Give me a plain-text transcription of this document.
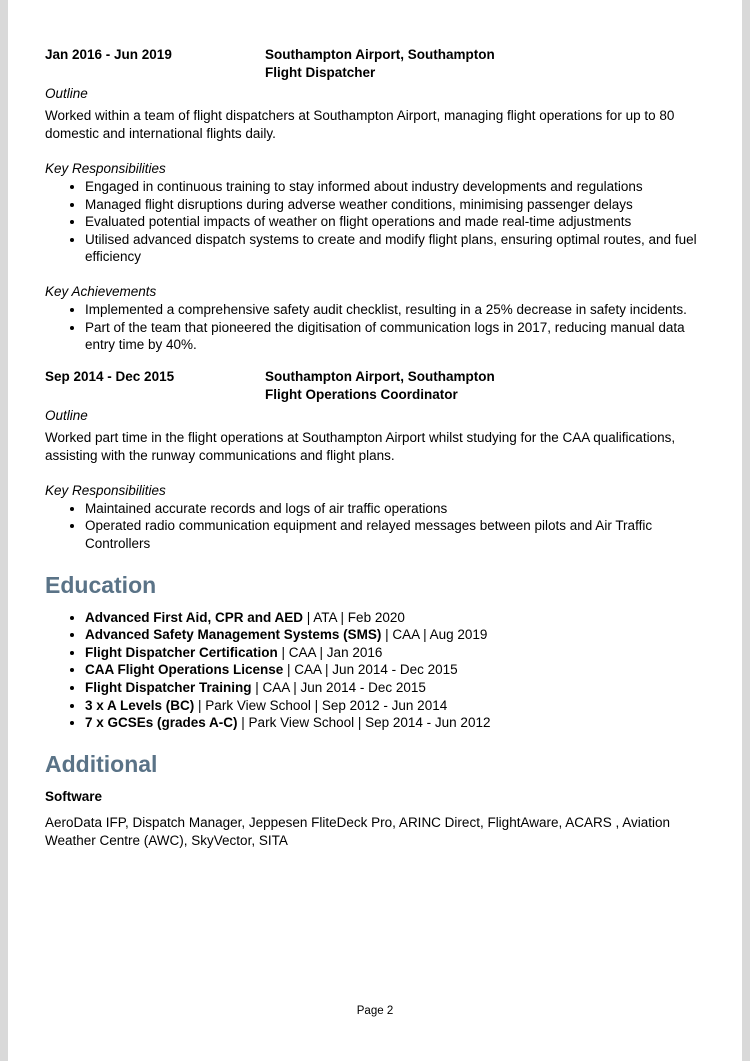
Jan 2016 - Jun 2019	Southampton Airport, Southampton
Flight Dispatcher
Outline
Worked within a team of flight dispatchers at Southampton Airport, managing flight operations for up to 80 domestic and international flights daily.
Key Responsibilities
• Engaged in continuous training to stay informed about industry developments and regulations
• Managed flight disruptions during adverse weather conditions, minimising passenger delays
• Evaluated potential impacts of weather on flight operations and made real-time adjustments
• Utilised advanced dispatch systems to create and modify flight plans, ensuring optimal routes, and fuel efficiency
Key Achievements
• Implemented a comprehensive safety audit checklist, resulting in a 25% decrease in safety incidents.
• Part of the team that pioneered the digitisation of communication logs in 2017, reducing manual data entry time by 40%.
Sep 2014 - Dec 2015	Southampton Airport, Southampton
Flight Operations Coordinator
Outline
Worked part time in the flight operations at Southampton Airport whilst studying for the CAA qualifications, assisting with the runway communications and flight plans.
Key Responsibilities
• Maintained accurate records and logs of air traffic operations
• Operated radio communication equipment and relayed messages between pilots and Air Traffic Controllers
Education
• Advanced First Aid, CPR and AED | ATA | Feb 2020
• Advanced Safety Management Systems (SMS) | CAA | Aug 2019
• Flight Dispatcher Certification | CAA | Jan 2016
• CAA Flight Operations License | CAA | Jun 2014 - Dec 2015
• Flight Dispatcher Training | CAA | Jun 2014 - Dec 2015
• 3 x A Levels (BC) | Park View School | Sep 2012 - Jun 2014
• 7 x GCSEs (grades A-C) | Park View School | Sep 2014 - Jun 2012
Additional
Software
AeroData IFP, Dispatch Manager, Jeppesen FliteDeck Pro, ARINC Direct, FlightAware, ACARS , Aviation Weather Centre (AWC), SkyVector, SITA
Page 2
